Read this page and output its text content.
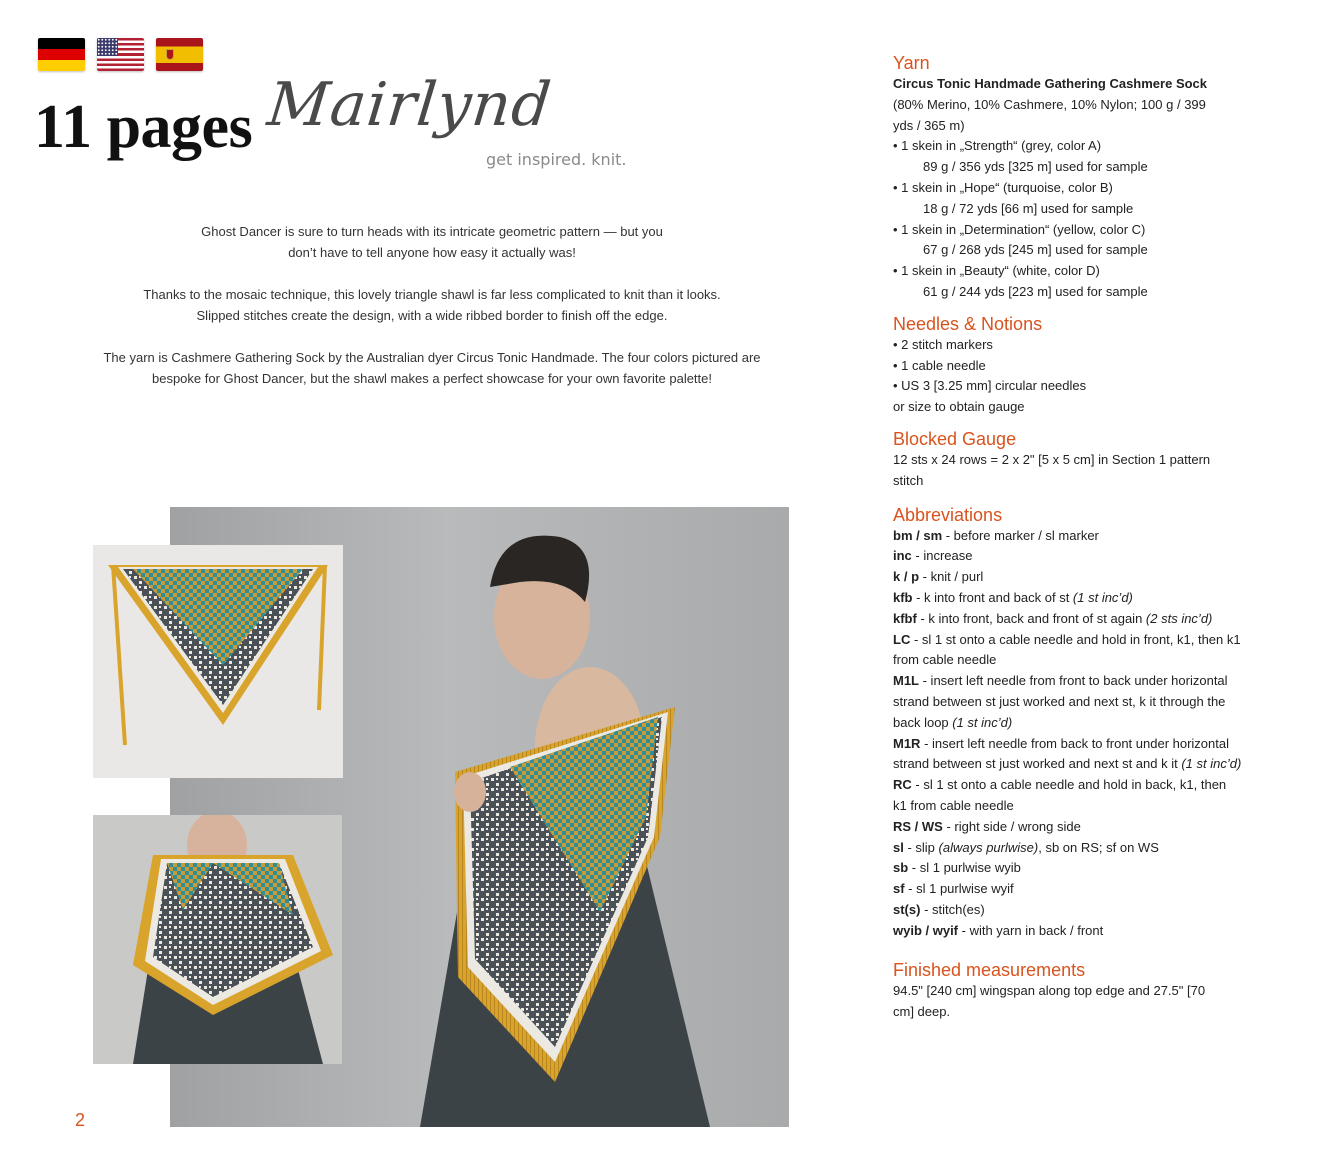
11 pages Mairlynd
get inspired. knit.

Ghost Dancer is sure to turn heads with its intricate geometric pattern — but you
don’t have to tell anyone how easy it actually was!

Thanks to the mosaic technique, this lovely triangle shawl is far less complicated to knit than it looks.
Slipped stitches create the design, with a wide ribbed border to finish off the edge.

The yarn is Cashmere Gathering Sock by the Australian dyer Circus Tonic Handmade. The four colors pictured are
bespoke for Ghost Dancer, but the shawl makes a perfect showcase for your own favorite palette!

2
Yarn
Circus Tonic Handmade Gathering Cashmere Sock
(80% Merino, 10% Cashmere, 10% Nylon; 100 g / 399
yds / 365 m)
• 1 skein in „Strength“ (grey, color A)
89 g / 356 yds [325 m] used for sample
• 1 skein in „Hope“ (turquoise, color B)
18 g / 72 yds [66 m] used for sample
• 1 skein in „Determination“ (yellow, color C)
67 g / 268 yds [245 m] used for sample
• 1 skein in „Beauty“ (white, color D)
61 g / 244 yds [223 m] used for sample
Needles & Notions
• 2 stitch markers
• 1 cable needle
• US 3 [3.25 mm] circular needles
or size to obtain gauge
Blocked Gauge
12 sts x 24 rows = 2 x 2" [5 x 5 cm] in Section 1 pattern
stitch
Abbreviations
bm / sm - before marker / sl marker
inc - increase
k / p - knit / purl
kfb - k into front and back of st (1 st inc’d)
kfbf - k into front, back and front of st again (2 sts inc’d)
LC - sl 1 st onto a cable needle and hold in front, k1, then k1
from cable needle
M1L - insert left needle from front to back under horizontal
strand between st just worked and next st, k it through the
back loop (1 st inc’d)
M1R - insert left needle from back to front under horizontal
strand between st just worked and next st and k it (1 st inc’d)
RC - sl 1 st onto a cable needle and hold in back, k1, then
k1 from cable needle
RS / WS - right side / wrong side
sl - slip (always purlwise), sb on RS; sf on WS
sb - sl 1 purlwise wyib
sf - sl 1 purlwise wyif
st(s) - stitch(es)
wyib / wyif - with yarn in back / front
Finished measurements
94.5" [240 cm] wingspan along top edge and 27.5" [70
cm] deep.
